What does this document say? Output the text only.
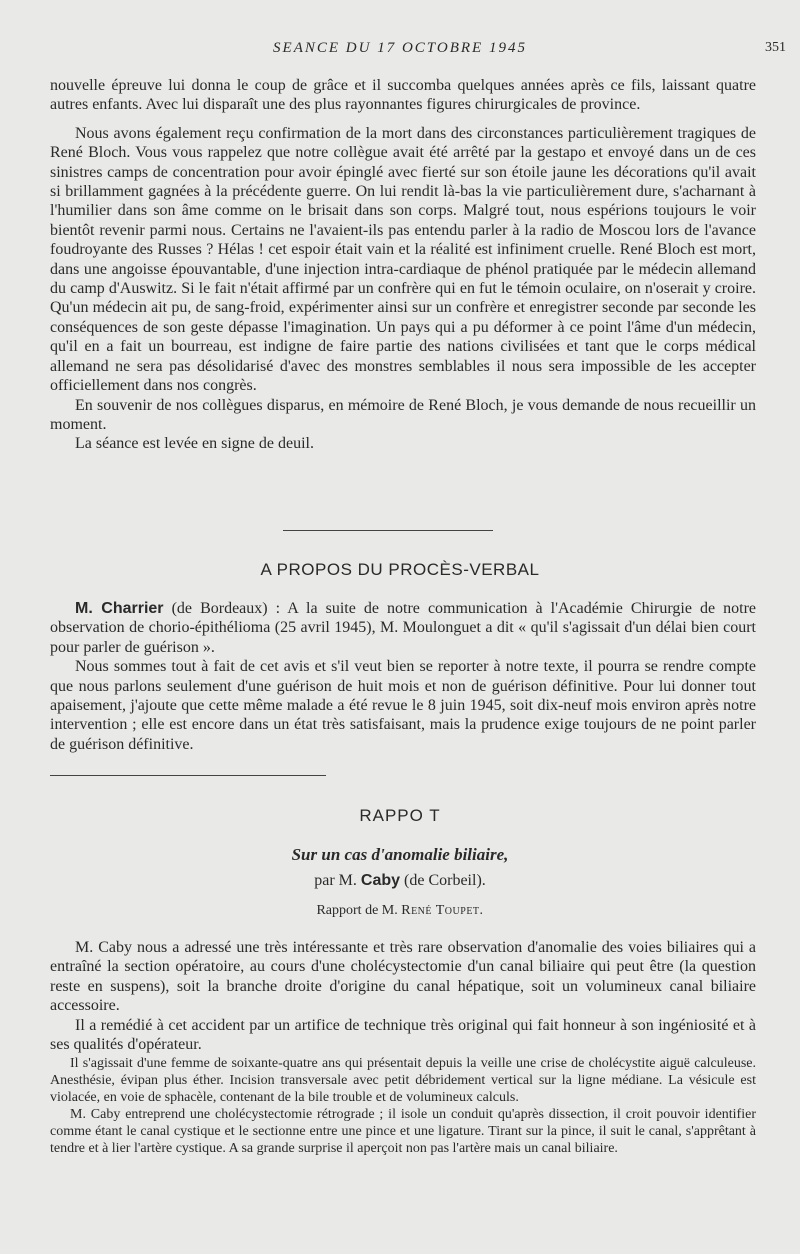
SEANCE DU 17 OCTOBRE 1945	351

nouvelle épreuve lui donna le coup de grâce et il succomba quelques années après ce fils, laissant quatre autres enfants. Avec lui disparaît une des plus rayonnantes figures chirurgicales de province.

Nous avons également reçu confirmation de la mort dans des circonstances particulièrement tragiques de René Bloch. Vous vous rappelez que notre collègue avait été arrêté par la gestapo et envoyé dans un de ces sinistres camps de concentration pour avoir épinglé avec fierté sur son étoile jaune les décorations qu'il avait si brillamment gagnées à la précédente guerre. On lui rendit là-bas la vie particulièrement dure, s'acharnant à l'humilier dans son âme comme on le brisait dans son corps. Malgré tout, nous espérions toujours le voir bientôt revenir parmi nous. Certains ne l'avaient-ils pas entendu parler à la radio de Moscou lors de l'avance foudroyante des Russes ? Hélas ! cet espoir était vain et la réalité est infiniment cruelle. René Bloch est mort, dans une angoisse épouvantable, d'une injection intra-cardiaque de phénol pratiquée par le médecin allemand du camp d'Auswitz. Si le fait n'était affirmé par un confrère qui en fut le témoin oculaire, on n'oserait y croire. Qu'un médecin ait pu, de sang-froid, expérimenter ainsi sur un confrère et enregistrer seconde par seconde les conséquences de son geste dépasse l'imagination. Un pays qui a pu déformer à ce point l'âme d'un médecin, qu'il en a fait un bourreau, est indigne de faire partie des nations civilisées et tant que le corps médical allemand ne sera pas désolidarisé d'avec des monstres semblables il nous sera impossible de les accepter officiellement dans nos congrès.

En souvenir de nos collègues disparus, en mémoire de René Bloch, je vous demande de nous recueillir un moment.

La séance est levée en signe de deuil.

A PROPOS DU PROCÈS-VERBAL

M. Charrier (de Bordeaux) : A la suite de notre communication à l'Académie Chirurgie de notre observation de chorio-épithélioma (25 avril 1945), M. Moulonguet a dit « qu'il s'agissait d'un délai bien court pour parler de guérison ».

Nous sommes tout à fait de cet avis et s'il veut bien se reporter à notre texte, il pourra se rendre compte que nous parlons seulement d'une guérison de huit mois et non de guérison définitive. Pour lui donner tout apaisement, j'ajoute que cette même malade a été revue le 8 juin 1945, soit dix-neuf mois environ après notre intervention ; elle est encore dans un état très satisfaisant, mais la prudence exige toujours de ne point parler de guérison définitive.

RAPPO T
Sur un cas d'anomalie biliaire,
par M. Caby (de Corbeil).
Rapport de M. René Toupet.

M. Caby nous a adressé une très intéressante et très rare observation d'anomalie des voies biliaires qui a entraîné la section opératoire, au cours d'une cholécystectomie d'un canal biliaire qui peut être (la question reste en suspens), soit la branche droite d'origine du canal hépatique, soit un volumineux canal biliaire accessoire.

Il a remédié à cet accident par un artifice de technique très original qui fait honneur à son ingéniosité et à ses qualités d'opérateur.

Il s'agissait d'une femme de soixante-quatre ans qui présentait depuis la veille une crise de cholécystite aiguë calculeuse. Anesthésie, évipan plus éther. Incision transversale avec petit débridement vertical sur la ligne médiane. La vésicule est violacée, en voie de sphacèle, contenant de la bile trouble et de volumineux calculs.

M. Caby entreprend une cholécystectomie rétrograde ; il isole un conduit qu'après dissection, il croit pouvoir identifier comme étant le canal cystique et le sectionne entre une pince et une ligature. Tirant sur la pince, il suit le canal, s'apprêtant à tendre et à lier l'artère cystique. A sa grande surprise il aperçoit non pas l'artère mais un canal biliaire.
